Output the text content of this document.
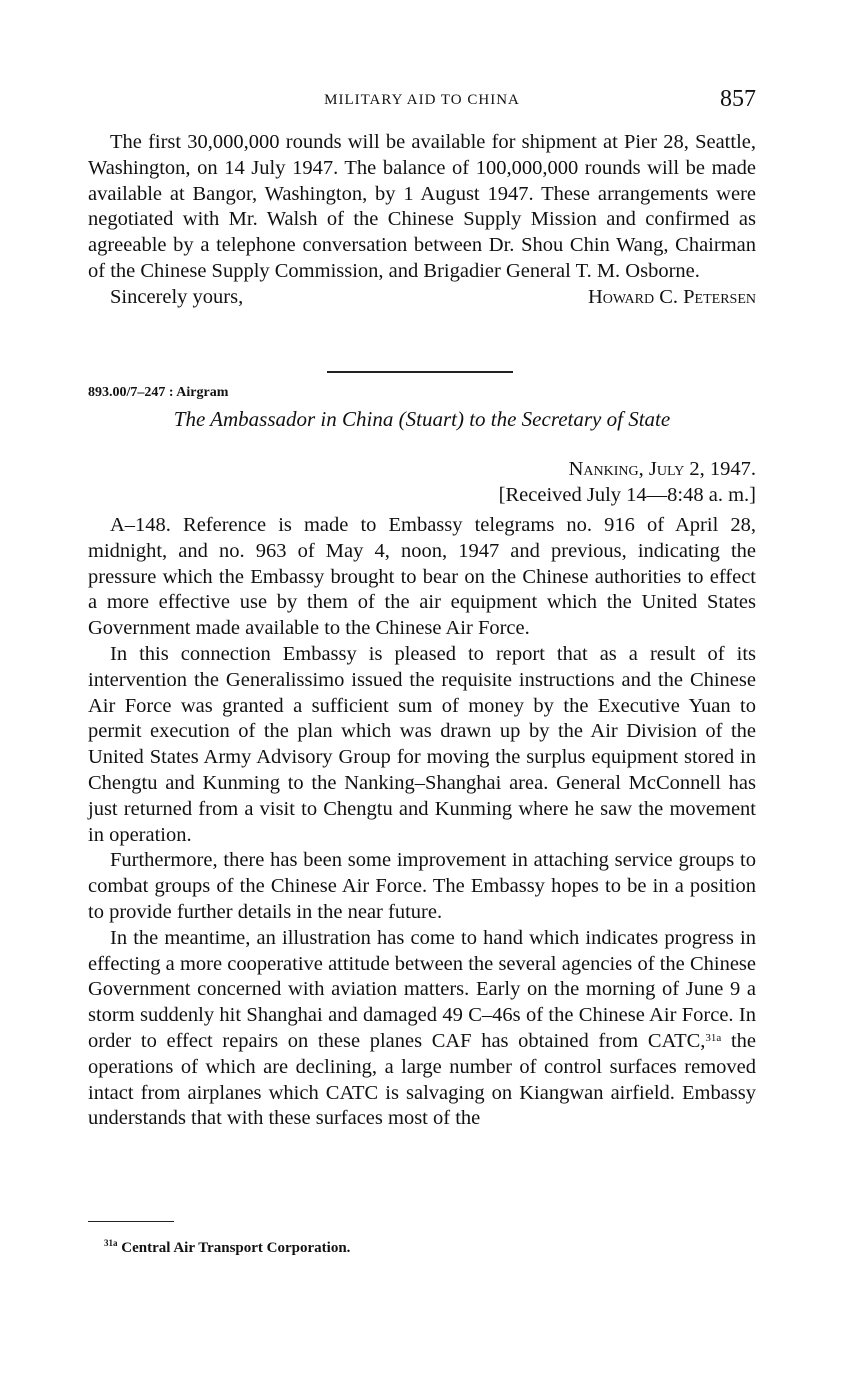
MILITARY AID TO CHINA	857

The first 30,000,000 rounds will be available for shipment at Pier 28, Seattle, Washington, on 14 July 1947. The balance of 100,000,000 rounds will be made available at Bangor, Washington, by 1 August 1947. These arrangements were negotiated with Mr. Walsh of the Chinese Supply Mission and confirmed as agreeable by a telephone conversation between Dr. Shou Chin Wang, Chairman of the Chinese Supply Commission, and Brigadier General T. M. Osborne.

Sincerely yours,	Howard C. Petersen
893.00/7–247 : Airgram
The Ambassador in China (Stuart) to the Secretary of State
Nanking, July 2, 1947.
[Received July 14—8:48 a. m.]

A–148. Reference is made to Embassy telegrams no. 916 of April 28, midnight, and no. 963 of May 4, noon, 1947 and previous, indicating the pressure which the Embassy brought to bear on the Chinese authorities to effect a more effective use by them of the air equipment which the United States Government made available to the Chinese Air Force.

In this connection Embassy is pleased to report that as a result of its intervention the Generalissimo issued the requisite instructions and the Chinese Air Force was granted a sufficient sum of money by the Executive Yuan to permit execution of the plan which was drawn up by the Air Division of the United States Army Advisory Group for moving the surplus equipment stored in Chengtu and Kunming to the Nanking–Shanghai area. General McConnell has just returned from a visit to Chengtu and Kunming where he saw the movement in operation.

Furthermore, there has been some improvement in attaching service groups to combat groups of the Chinese Air Force. The Embassy hopes to be in a position to provide further details in the near future.

In the meantime, an illustration has come to hand which indicates progress in effecting a more cooperative attitude between the several agencies of the Chinese Government concerned with aviation matters. Early on the morning of June 9 a storm suddenly hit Shanghai and damaged 49 C–46s of the Chinese Air Force. In order to effect repairs on these planes CAF has obtained from CATC,$^{31a}$ the operations of which are declining, a large number of control surfaces removed intact from airplanes which CATC is salvaging on Kiangwan airfield. Embassy understands that with these surfaces most of the

$^{31a}$ Central Air Transport Corporation.
